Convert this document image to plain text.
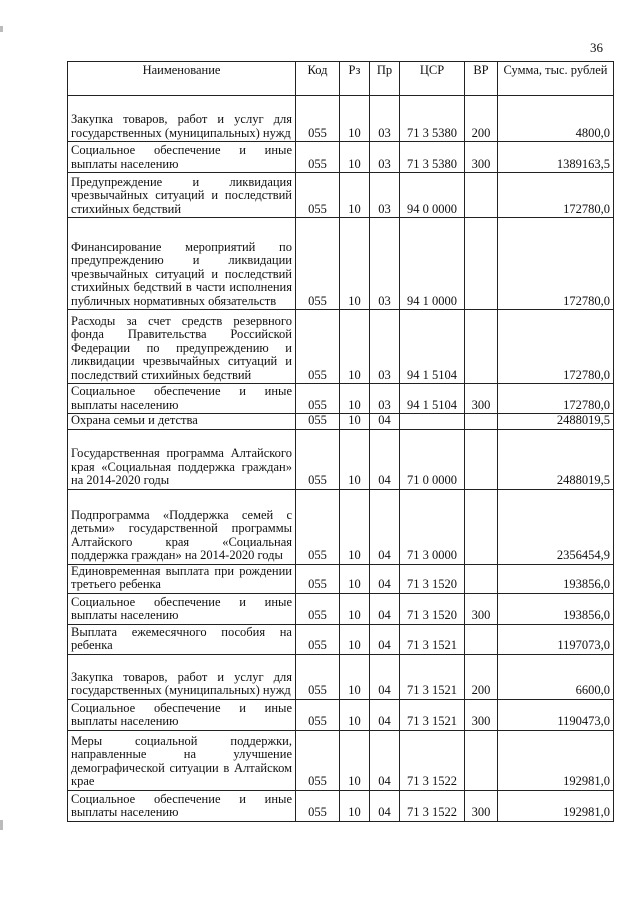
36
Наименование	Код	Рз	Пр	ЦСР	ВР	Сумма, тыс. рублей
Закупка товаров, работ и услуг для государственных (муниципальных) нужд	055	10	03	71 3 5380	200	4800,0
Социальное обеспечение и иные выплаты населению	055	10	03	71 3 5380	300	1389163,5
Предупреждение и ликвидация чрезвычайных ситуаций и последствий стихийных бедствий	055	10	03	94 0 0000		172780,0
Финансирование мероприятий по предупреждению и ликвидации чрезвычайных ситуаций и последствий стихийных бедствий в части исполнения публичных нормативных обязательств	055	10	03	94 1 0000		172780,0
Расходы за счет средств резервного фонда Правительства Российской Федерации по предупреждению и ликвидации чрезвычайных ситуаций и последствий стихийных бедствий	055	10	03	94 1 5104		172780,0
Социальное обеспечение и иные выплаты населению	055	10	03	94 1 5104	300	172780,0
Охрана семьи и детства	055	10	04			2488019,5
Государственная программа Алтайского края «Социальная поддержка граждан» на 2014-2020 годы	055	10	04	71 0 0000		2488019,5
Подпрограмма «Поддержка семей с детьми» государственной программы Алтайского края «Социальная поддержка граждан» на 2014-2020 годы	055	10	04	71 3 0000		2356454,9
Единовременная выплата при рождении третьего ребенка	055	10	04	71 3 1520		193856,0
Социальное обеспечение и иные выплаты населению	055	10	04	71 3 1520	300	193856,0
Выплата ежемесячного пособия на ребенка	055	10	04	71 3 1521		1197073,0
Закупка товаров, работ и услуг для государственных (муниципальных) нужд	055	10	04	71 3 1521	200	6600,0
Социальное обеспечение и иные выплаты населению	055	10	04	71 3 1521	300	1190473,0
Меры социальной поддержки, направленные на улучшение демографической ситуации в Алтайском крае	055	10	04	71 3 1522		192981,0
Социальное обеспечение и иные выплаты населению	055	10	04	71 3 1522	300	192981,0
